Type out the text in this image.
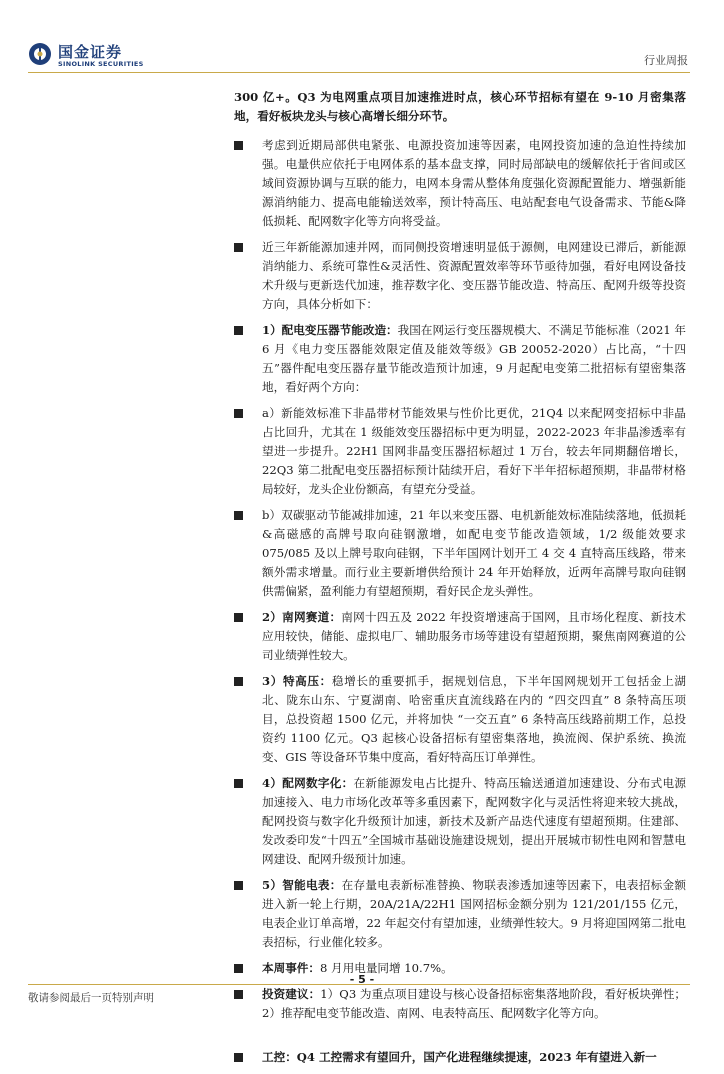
国金证券
SINOLINK SECURITIES	行业周报

300 亿+。Q3 为电网重点项目加速推进时点，核心环节招标有望在 9-10 月密集落地，看好板块龙头与核心高增长细分环节。

考虑到近期局部供电紧张、电源投资加速等因素，电网投资加速的急迫性持续加强。电量供应依托于电网体系的基本盘支撑，同时局部缺电的缓解依托于省间或区域间资源协调与互联的能力，电网本身需从整体角度强化资源配置能力、增强新能源消纳能力、提高电能输送效率，预计特高压、电站配套电气设备需求、节能&降低损耗、配网数字化等方向将受益。
近三年新能源加速并网，而同侧投资增速明显低于源侧，电网建设已滞后，新能源消纳能力、系统可靠性&灵活性、资源配置效率等环节亟待加强，看好电网设备技术升级与更新迭代加速，推荐数字化、变压器节能改造、特高压、配网升级等投资方向，具体分析如下：
1）配电变压器节能改造：我国在网运行变压器规模大、不满足节能标准（2021 年 6 月《电力变压器能效限定值及能效等级》GB 20052-2020）占比高，“十四五”器件配电变压器存量节能改造预计加速，9 月起配电变第二批招标有望密集落地，看好两个方向：
a）新能效标准下非晶带材节能效果与性价比更优，21Q4 以来配网变招标中非晶占比回升，尤其在 1 级能效变压器招标中更为明显，2022-2023 年非晶渗透率有望进一步提升。22H1 国网非晶变压器招标超过 1 万台，较去年同期翻倍增长，22Q3 第二批配电变压器招标预计陆续开启，看好下半年招标超预期，非晶带材格局较好，龙头企业份额高，有望充分受益。
b）双碳驱动节能减排加速，21 年以来变压器、电机新能效标准陆续落地，低损耗&高磁感的高牌号取向硅钢激增，如配电变节能改造领域，1/2 级能效要求 075/085 及以上牌号取向硅钢，下半年国网计划开工 4 交 4 直特高压线路，带来额外需求增量。而行业主要新增供给预计 24 年开始释放，近两年高牌号取向硅钢供需偏紧，盈利能力有望超预期，看好民企龙头弹性。
2）南网赛道：南网十四五及 2022 年投资增速高于国网，且市场化程度、新技术应用较快，储能、虚拟电厂、辅助服务市场等建设有望超预期，聚焦南网赛道的公司业绩弹性较大。
3）特高压：稳增长的重要抓手，据规划信息，下半年国网规划开工包括金上湖北、陇东山东、宁夏湖南、哈密重庆直流线路在内的 “四交四直” 8 条特高压项目，总投资超 1500 亿元，并将加快 “一交五直” 6 条特高压线路前期工作，总投资约 1100 亿元。Q3 起核心设备招标有望密集落地，换流阀、保护系统、换流变、GIS 等设备环节集中度高，看好特高压订单弹性。
4）配网数字化：在新能源发电占比提升、特高压输送通道加速建设、分布式电源加速接入、电力市场化改革等多重因素下，配网数字化与灵活性将迎来较大挑战，配网投资与数字化升级预计加速，新技术及新产品迭代速度有望超预期。住建部、发改委印发“十四五”全国城市基础设施建设规划，提出开展城市韧性电网和智慧电网建设、配网升级预计加速。
5）智能电表：在存量电表新标准替换、物联表渗透加速等因素下，电表招标金额进入新一轮上行期，20A/21A/22H1 国网招标金额分别为 121/201/155 亿元，电表企业订单高增，22 年起交付有望加速，业绩弹性较大。9 月将迎国网第二批电表招标，行业催化较多。
本周事件：8 月用电量同增 10.7%。
投资建议：1）Q3 为重点项目建设与核心设备招标密集落地阶段，看好板块弹性；2）推荐配电变节能改造、南网、电表特高压、配网数字化等方向。
工控：Q4 工控需求有望回升，国产化进程继续提速，2023 年有望进入新一
- 5 -
敬请参阅最后一页特别声明
